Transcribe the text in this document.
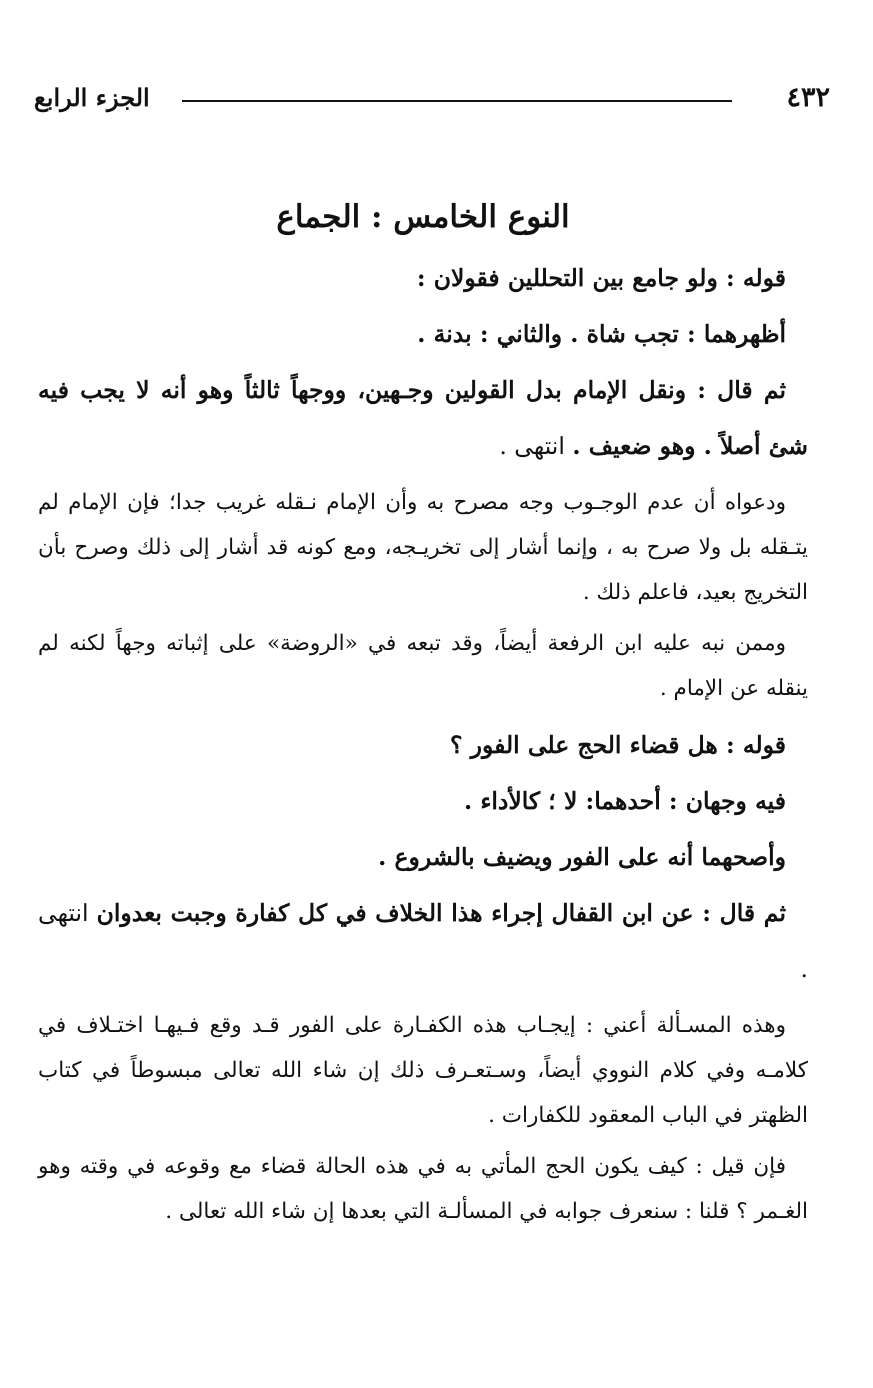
٤٣٢
الجزء الرابع
النوع الخامس : الجماع
قوله : ولو جامع بين التحللين فقولان :
أظهرهما : تجب شاة . والثاني : بدنة .
ثم قال : ونقل الإمام بدل القولين وجـهين، ووجهاً ثالثاً وهو أنه لا يجب فيه شئ أصلاً . وهو ضعيف . انتهى .
ودعواه أن عدم الوجـوب وجه مصرح به وأن الإمام نـقله غريب جدا؛ فإن الإمام لم يتـقله بل ولا صرح به ، وإنما أشار إلى تخريـجه، ومع كونه قد أشار إلى ذلك وصرح بأن التخريج بعيد، فاعلم ذلك .
وممن نبه عليه ابن الرفعة أيضاً، وقد تبعه في «الروضة» على إثباته وجهاً لكنه لم ينقله عن الإمام .
قوله : هل قضاء الحج على الفور ؟
فيه وجهان : أحدهما: لا ؛ كالأداء .
وأصحهما أنه على الفور ويضيف بالشروع .
ثم قال : عن ابن القفال إجراء هذا الخلاف في كل كفارة وجبت بعدوان انتهى .
وهذه المسـألة أعني : إيجـاب هذه الكفـارة على الفور قـد وقع فـيهـا اختـلاف في كلامـه وفي كلام النووي أيضاً، وسـتعـرف ذلك إن شاء الله تعالى مبسوطاً في كتاب الظهتر في الباب المعقود للكفارات .
فإن قيل : كيف يكون الحج المأتي به في هذه الحالة قضاء مع وقوعه في وقته وهو الغـمر ؟ قلنا : سنعرف جوابه في المسألـة التي بعدها إن شاء الله تعالى .
